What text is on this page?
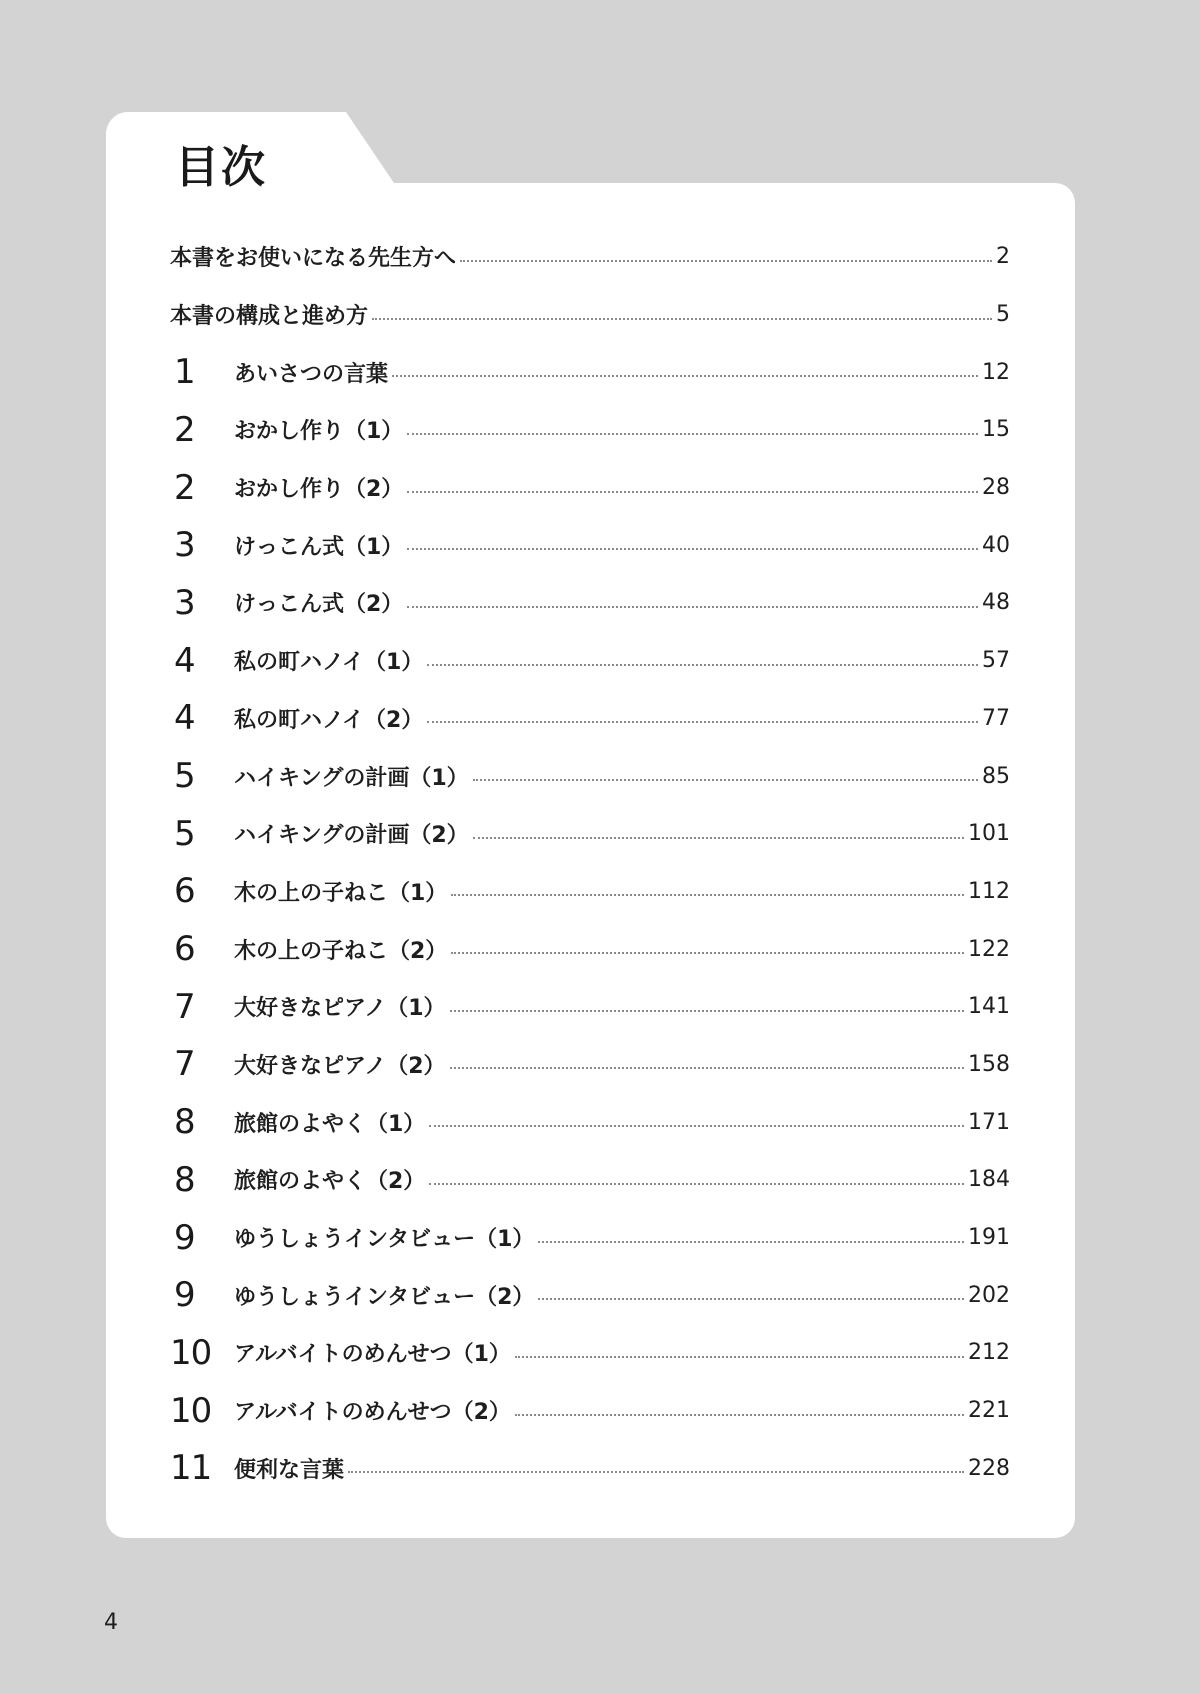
目次
本書をお使いになる先生方へ	2
本書の構成と進め方	5
1	あいさつの言葉	12
2	おかし作り（1）	15
2	おかし作り（2）	28
3	けっこん式（1）	40
3	けっこん式（2）	48
4	私の町ハノイ（1）	57
4	私の町ハノイ（2）	77
5	ハイキングの計画（1）	85
5	ハイキングの計画（2）	101
6	木の上の子ねこ（1）	112
6	木の上の子ねこ（2）	122
7	大好きなピアノ（1）	141
7	大好きなピアノ（2）	158
8	旅館のよやく（1）	171
8	旅館のよやく（2）	184
9	ゆうしょうインタビュー（1）	191
9	ゆうしょうインタビュー（2）	202
10	アルバイトのめんせつ（1）	212
10	アルバイトのめんせつ（2）	221
11	便利な言葉	228
4
